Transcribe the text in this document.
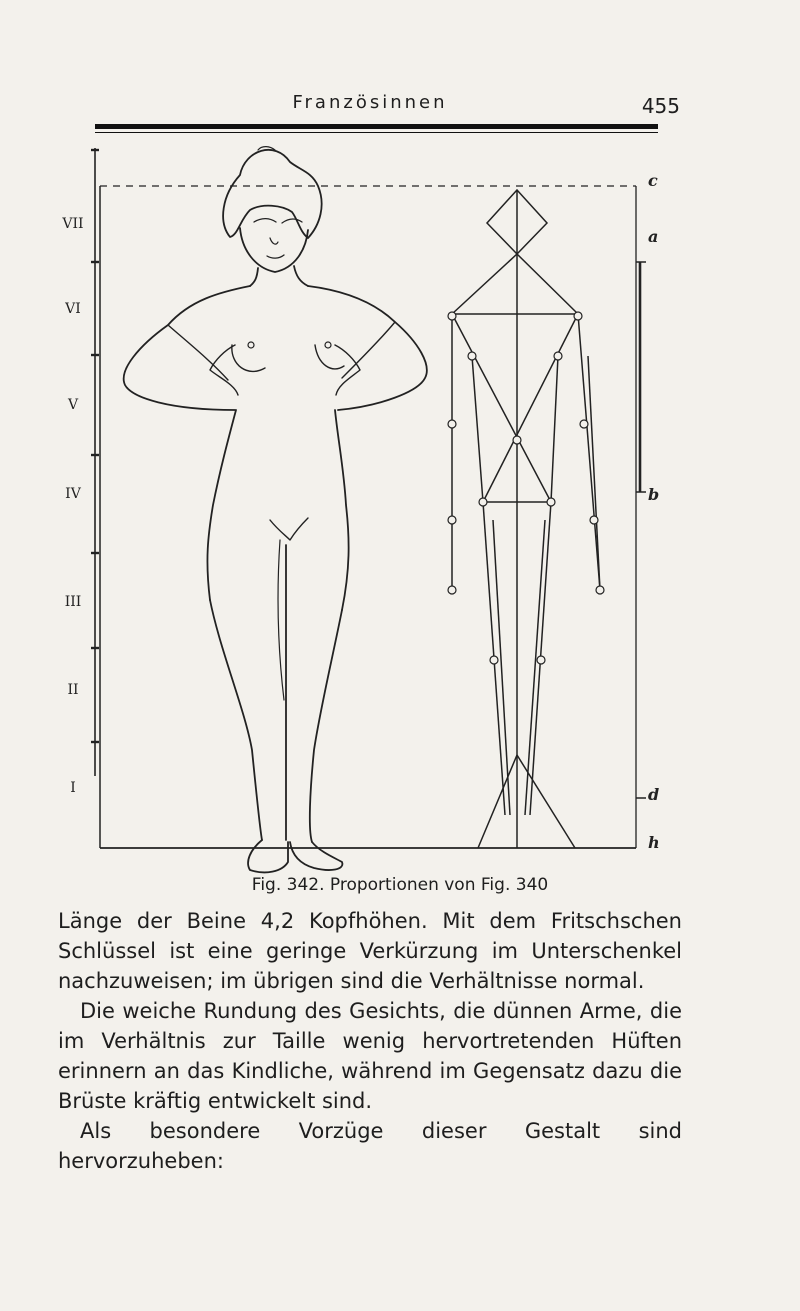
Französinnen	455
VII
VI
V
IV
III
II
I
c
a
b
d
h
Fig. 342. Proportionen von Fig. 340

Länge der Beine 4,2 Kopfhöhen. Mit dem Fritschschen Schlüssel ist eine geringe Verkürzung im Unterschenkel nachzuweisen; im übrigen sind die Verhältnisse normal.

Die weiche Rundung des Gesichts, die dünnen Arme, die im Verhältnis zur Taille wenig hervortretenden Hüften erinnern an das Kindliche, während im Gegensatz dazu die Brüste kräftig entwickelt sind.

Als besondere Vorzüge dieser Gestalt sind hervorzuheben:
